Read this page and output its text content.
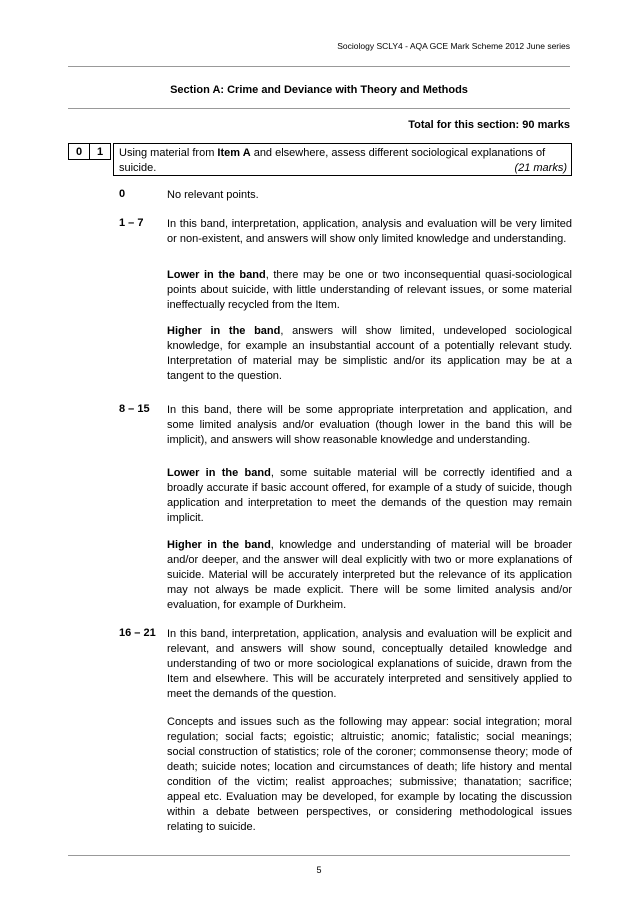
Sociology SCLY4 - AQA GCE Mark Scheme 2012 June series
Section A: Crime and Deviance with Theory and Methods
Total for this section: 90 marks
0	1	Using material from Item A and elsewhere, assess different sociological explanations of suicide.	(21 marks)
0	No relevant points.
1 – 7 In this band, interpretation, application, analysis and evaluation will be very limited or non-existent, and answers will show only limited knowledge and understanding.
Lower in the band, there may be one or two inconsequential quasi-sociological points about suicide, with little understanding of relevant issues, or some material ineffectually recycled from the Item.
Higher in the band, answers will show limited, undeveloped sociological knowledge, for example an insubstantial account of a potentially relevant study. Interpretation of material may be simplistic and/or its application may be at a tangent to the question.
8 – 15 In this band, there will be some appropriate interpretation and application, and some limited analysis and/or evaluation (though lower in the band this will be implicit), and answers will show reasonable knowledge and understanding.
Lower in the band, some suitable material will be correctly identified and a broadly accurate if basic account offered, for example of a study of suicide, though application and interpretation to meet the demands of the question may remain implicit.
Higher in the band, knowledge and understanding of material will be broader and/or deeper, and the answer will deal explicitly with two or more explanations of suicide. Material will be accurately interpreted but the relevance of its application may not always be made explicit. There will be some limited analysis and/or evaluation, for example of Durkheim.
16 – 21 In this band, interpretation, application, analysis and evaluation will be explicit and relevant, and answers will show sound, conceptually detailed knowledge and understanding of two or more sociological explanations of suicide, drawn from the Item and elsewhere. This will be accurately interpreted and sensitively applied to meet the demands of the question.
Concepts and issues such as the following may appear: social integration; moral regulation; social facts; egoistic; altruistic; anomic; fatalistic; social meanings; social construction of statistics; role of the coroner; commonsense theory; mode of death; suicide notes; location and circumstances of death; life history and mental condition of the victim; realist approaches; submissive; thanatation; sacrifice; appeal etc. Evaluation may be developed, for example by locating the discussion within a debate between perspectives, or considering methodological issues relating to suicide.
5
